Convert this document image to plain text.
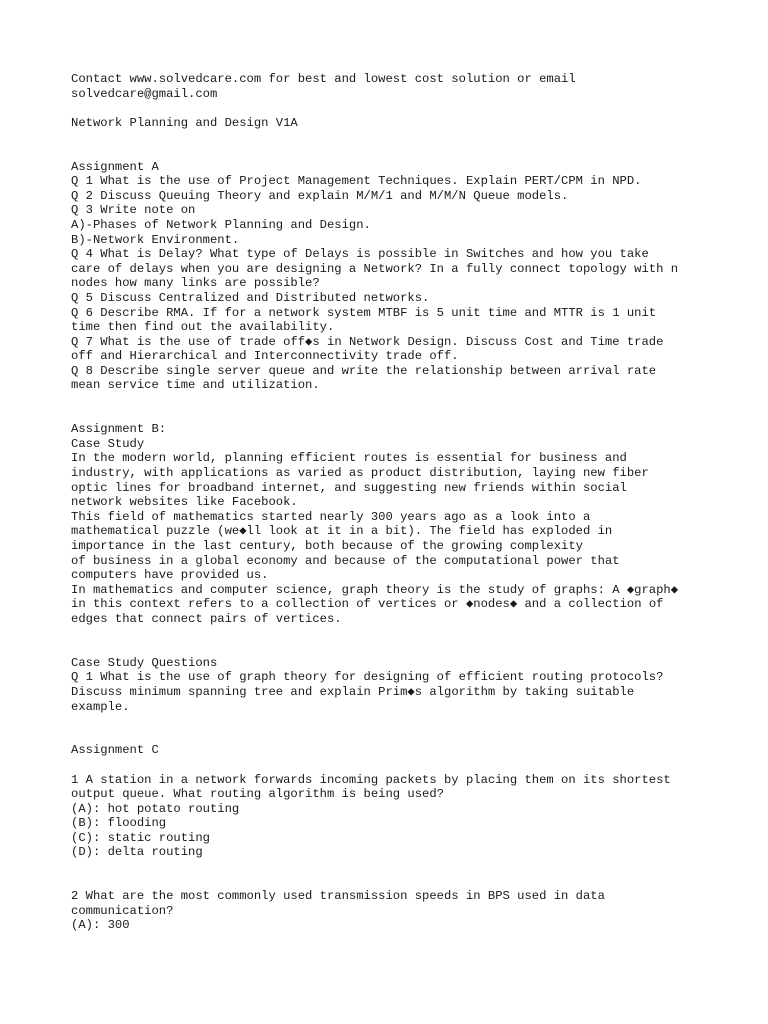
Contact www.solvedcare.com for best and lowest cost solution or email
solvedcare@gmail.com
Network Planning and Design V1A
Assignment A
Q 1 What is the use of Project Management Techniques. Explain PERT/CPM in NPD.
Q 2 Discuss Queuing Theory and explain M/M/1 and M/M/N Queue models.
Q 3 Write note on
A)-Phases of Network Planning and Design.
B)-Network Environment.
Q 4 What is Delay? What type of Delays is possible in Switches and how you take
care of delays when you are designing a Network? In a fully connect topology with n
nodes how many links are possible?
Q 5 Discuss Centralized and Distributed networks.
Q 6 Describe RMA. If for a network system MTBF is 5 unit time and MTTR is 1 unit
time then find out the availability.
Q 7 What is the use of trade off◆s in Network Design. Discuss Cost and Time trade
off and Hierarchical and Interconnectivity trade off.
Q 8 Describe single server queue and write the relationship between arrival rate
mean service time and utilization.
Assignment B:
Case Study
In the modern world, planning efficient routes is essential for business and
industry, with applications as varied as product distribution, laying new fiber
optic lines for broadband internet, and suggesting new friends within social
network websites like Facebook.
This field of mathematics started nearly 300 years ago as a look into a
mathematical puzzle (we◆ll look at it in a bit). The field has exploded in
importance in the last century, both because of the growing complexity
of business in a global economy and because of the computational power that
computers have provided us.
In mathematics and computer science, graph theory is the study of graphs: A ◆graph◆
in this context refers to a collection of vertices or ◆nodes◆ and a collection of
edges that connect pairs of vertices.
Case Study Questions
Q 1 What is the use of graph theory for designing of efficient routing protocols?
Discuss minimum spanning tree and explain Prim◆s algorithm by taking suitable
example.
Assignment C
1 A station in a network forwards incoming packets by placing them on its shortest
output queue. What routing algorithm is being used?
(A): hot potato routing
(B): flooding
(C): static routing
(D): delta routing
2 What are the most commonly used transmission speeds in BPS used in data
communication?
(A): 300
